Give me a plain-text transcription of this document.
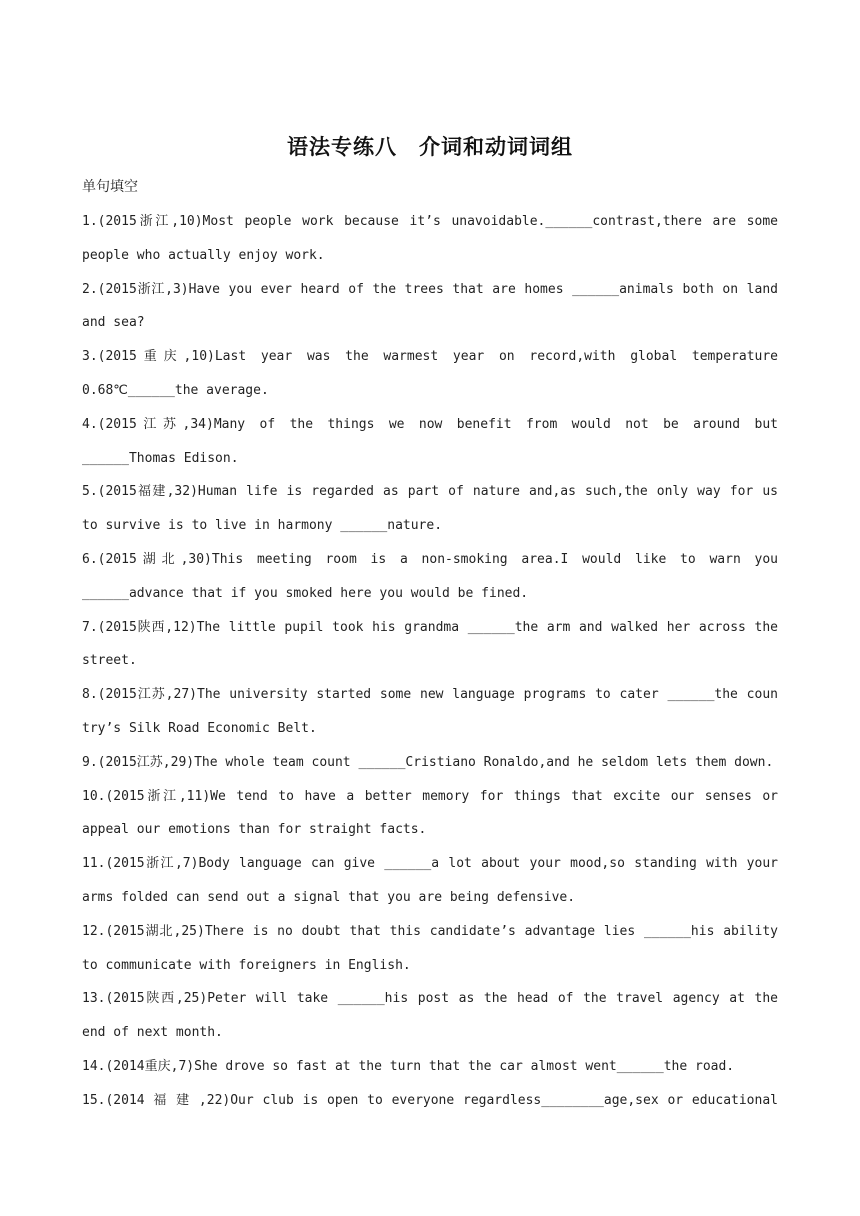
语法专练八　介词和动词词组
单句填空

1.(2015浙江,10)Most people work because it’s unavoidable.______contrast,there are some people who actually enjoy work.

2.(2015浙江,3)Have you ever heard of the trees that are homes ______animals both on land and sea?

3.(2015重庆,10)Last year was the warmest year on record,with global temperature 0.68℃______the average.

4.(2015江苏,34)Many of the things we now benefit from would not be around but ______Thomas Edison.

5.(2015福建,32)Human life is regarded as part of nature and,as such,the only way for us to survive is to live in harmony ______nature.

6.(2015湖北,30)This meeting room is a non-smoking area.I would like to warn you ______advance that if you smoked here you would be fined.

7.(2015陕西,12)The little pupil took his grandma ______the arm and walked her across the street.

8.(2015江苏,27)The university started some new language programs to cater ______the coun try’s Silk Road Economic Belt.

9.(2015江苏,29)The whole team count ______Cristiano Ronaldo,and he seldom lets them down.

10.(2015浙江,11)We tend to have a better memory for things that excite our senses or appeal our emotions than for straight facts.

11.(2015浙江,7)Body language can give ______a lot about your mood,so standing with your arms folded can send out a signal that you are being defensive.

12.(2015湖北,25)There is no doubt that this candidate’s advantage lies ______his ability to communicate with foreigners in English.

13.(2015陕西,25)Peter will take ______his post as the head of the travel agency at the end of next month.

14.(2014重庆,7)She drove so fast at the turn that the car almost went______the road.

15.(2014 福 建 ,22)Our club is open to everyone regardless________age,sex or educational
